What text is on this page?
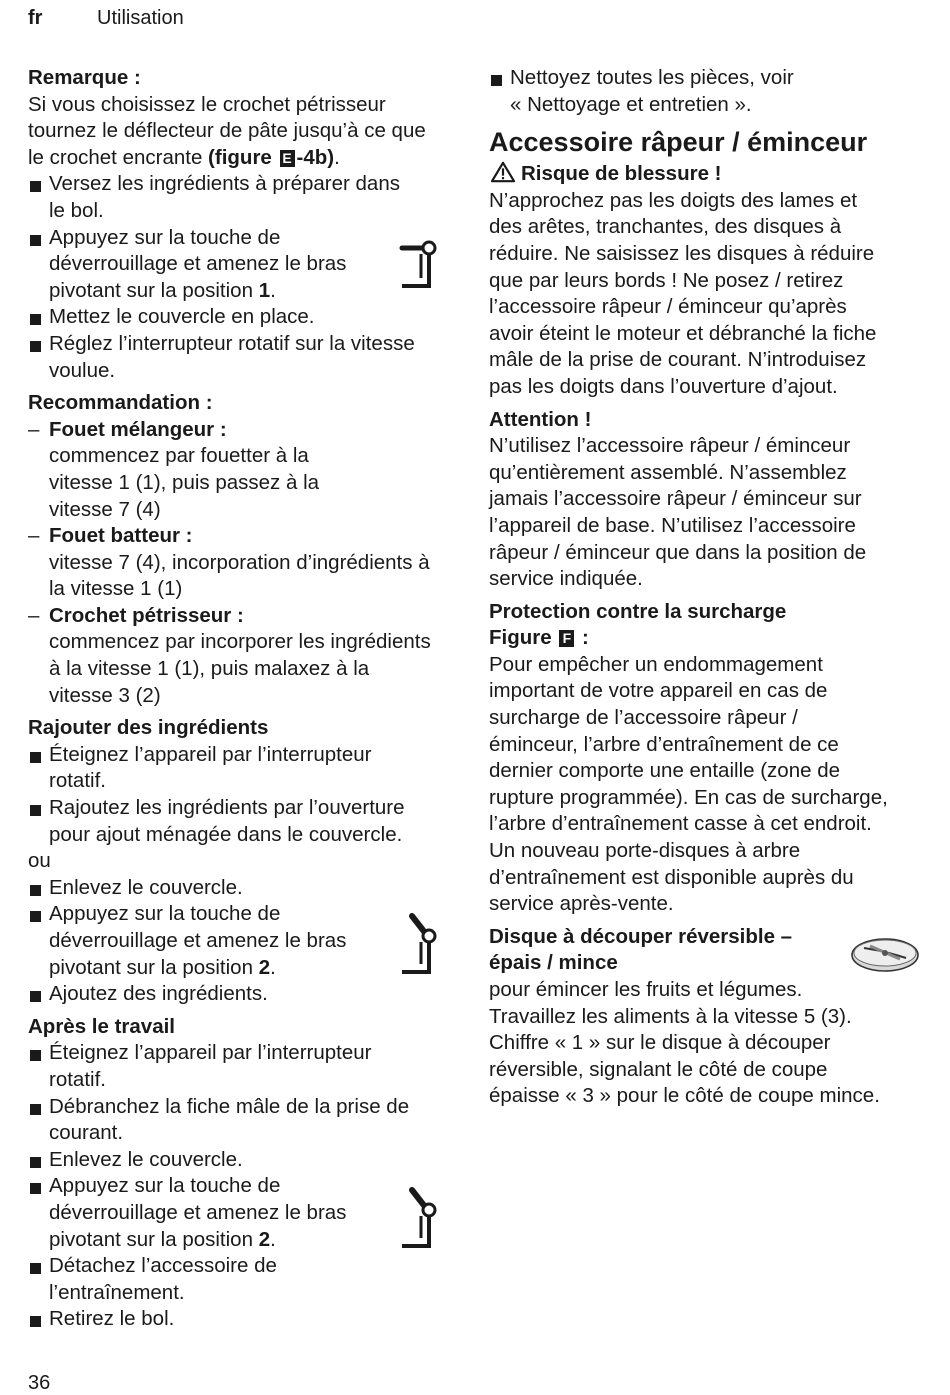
fr	Utilisation
Remarque :
Si vous choisissez le crochet pétrisseur
tournez le déflecteur de pâte jusqu’à ce que
le crochet encrante (figure E -4b).
Versez les ingrédients à préparer dans
le bol.
Appuyez sur la touche de
déverrouillage et amenez le bras
pivotant sur la position 1.
Mettez le couvercle en place.
Réglez l’interrupteur rotatif sur la vitesse
voulue.
Recommandation :
– Fouet mélangeur :
commencez par fouetter à la
vitesse 1 (1), puis passez à la
vitesse 7 (4)
– Fouet batteur :
vitesse 7 (4), incorporation d’ingrédients à
la vitesse 1 (1)
– Crochet pétrisseur :
commencez par incorporer les ingrédients
à la vitesse 1 (1), puis malaxez à la
vitesse 3 (2)
Rajouter des ingrédients
Éteignez l’appareil par l’interrupteur
rotatif.
Rajoutez les ingrédients par l’ouverture
pour ajout ménagée dans le couvercle.
ou
Enlevez le couvercle.
Appuyez sur la touche de
déverrouillage et amenez le bras
pivotant sur la position 2.
Ajoutez des ingrédients.
Après le travail
Éteignez l’appareil par l’interrupteur
rotatif.
Débranchez la fiche mâle de la prise de
courant.
Enlevez le couvercle.
Appuyez sur la touche de
déverrouillage et amenez le bras
pivotant sur la position 2.
Détachez l’accessoire de
l’entraînement.
Retirez le bol.
Nettoyez toutes les pièces, voir
« Nettoyage et entretien ».
Accessoire râpeur / éminceur
Risque de blessure !
N’approchez pas les doigts des lames et
des arêtes, tranchantes, des disques à
réduire. Ne saisissez les disques à réduire
que par leurs bords ! Ne posez / retirez
l’accessoire râpeur / éminceur qu’après
avoir éteint le moteur et débranché la fiche
mâle de la prise de courant. N’introduisez
pas les doigts dans l’ouverture d’ajout.
Attention !
N’utilisez l’accessoire râpeur / éminceur
qu’entièrement assemblé. N’assemblez
jamais l’accessoire râpeur / éminceur sur
l’appareil de base. N’utilisez l’accessoire
râpeur / éminceur que dans la position de
service indiquée.
Protection contre la surcharge
Figure F :
Pour empêcher un endommagement
important de votre appareil en cas de
surcharge de l’accessoire râpeur /
éminceur, l’arbre d’entraînement de ce
dernier comporte une entaille (zone de
rupture programmée). En cas de surcharge,
l’arbre d’entraînement casse à cet endroit.
Un nouveau porte-disques à arbre
d’entraînement est disponible auprès du
service après-vente.
Disque à découper réversible –
épais / mince
pour émincer les fruits et légumes.
Travaillez les aliments à la vitesse 5 (3).
Chiffre « 1 » sur le disque à découper
réversible, signalant le côté de coupe
épaisse « 3 » pour le côté de coupe mince.
36
